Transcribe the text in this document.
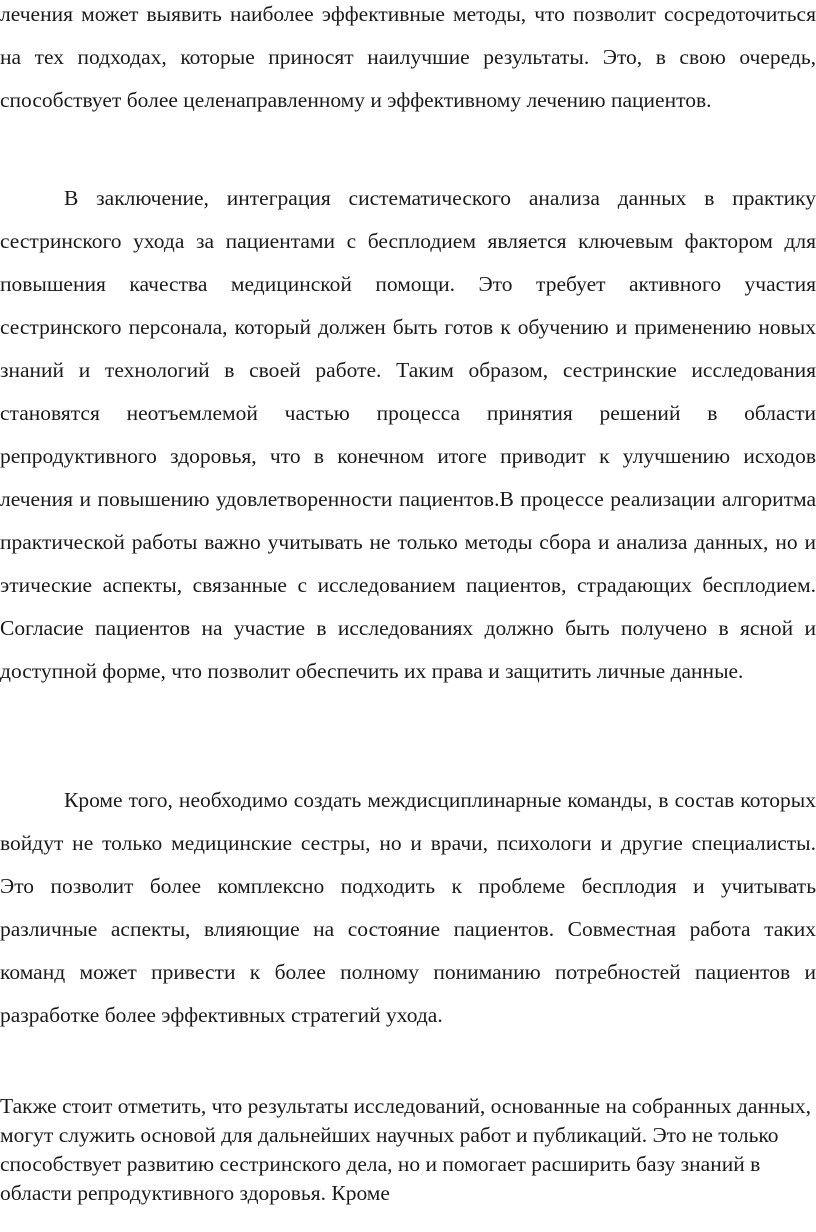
лечения может выявить наиболее эффективные методы, что позволит сосредоточиться на тех подходах, которые приносят наилучшие результаты. Это, в свою очередь, способствует более целенаправленному и эффективному лечению пациентов.

В заключение, интеграция систематического анализа данных в практику сестринского ухода за пациентами с бесплодием является ключевым фактором для повышения качества медицинской помощи. Это требует активного участия сестринского персонала, который должен быть готов к обучению и применению новых знаний и технологий в своей работе. Таким образом, сестринские исследования становятся неотъемлемой частью процесса принятия решений в области репродуктивного здоровья, что в конечном итоге приводит к улучшению исходов лечения и повышению удовлетворенности пациентов.В процессе реализации алгоритма практической работы важно учитывать не только методы сбора и анализа данных, но и этические аспекты, связанные с исследованием пациентов, страдающих бесплодием. Согласие пациентов на участие в исследованиях должно быть получено в ясной и доступной форме, что позволит обеспечить их права и защитить личные данные.

Кроме того, необходимо создать междисциплинарные команды, в состав которых войдут не только медицинские сестры, но и врачи, психологи и другие специалисты. Это позволит более комплексно подходить к проблеме бесплодия и учитывать различные аспекты, влияющие на состояние пациентов. Совместная работа таких команд может привести к более полному пониманию потребностей пациентов и разработке более эффективных стратегий ухода.

Также стоит отметить, что результаты исследований, основанные на собранных данных, могут служить основой для дальнейших научных работ и публикаций. Это не только способствует развитию сестринского дела, но и помогает расширить базу знаний в области репродуктивного здоровья. Кроме
